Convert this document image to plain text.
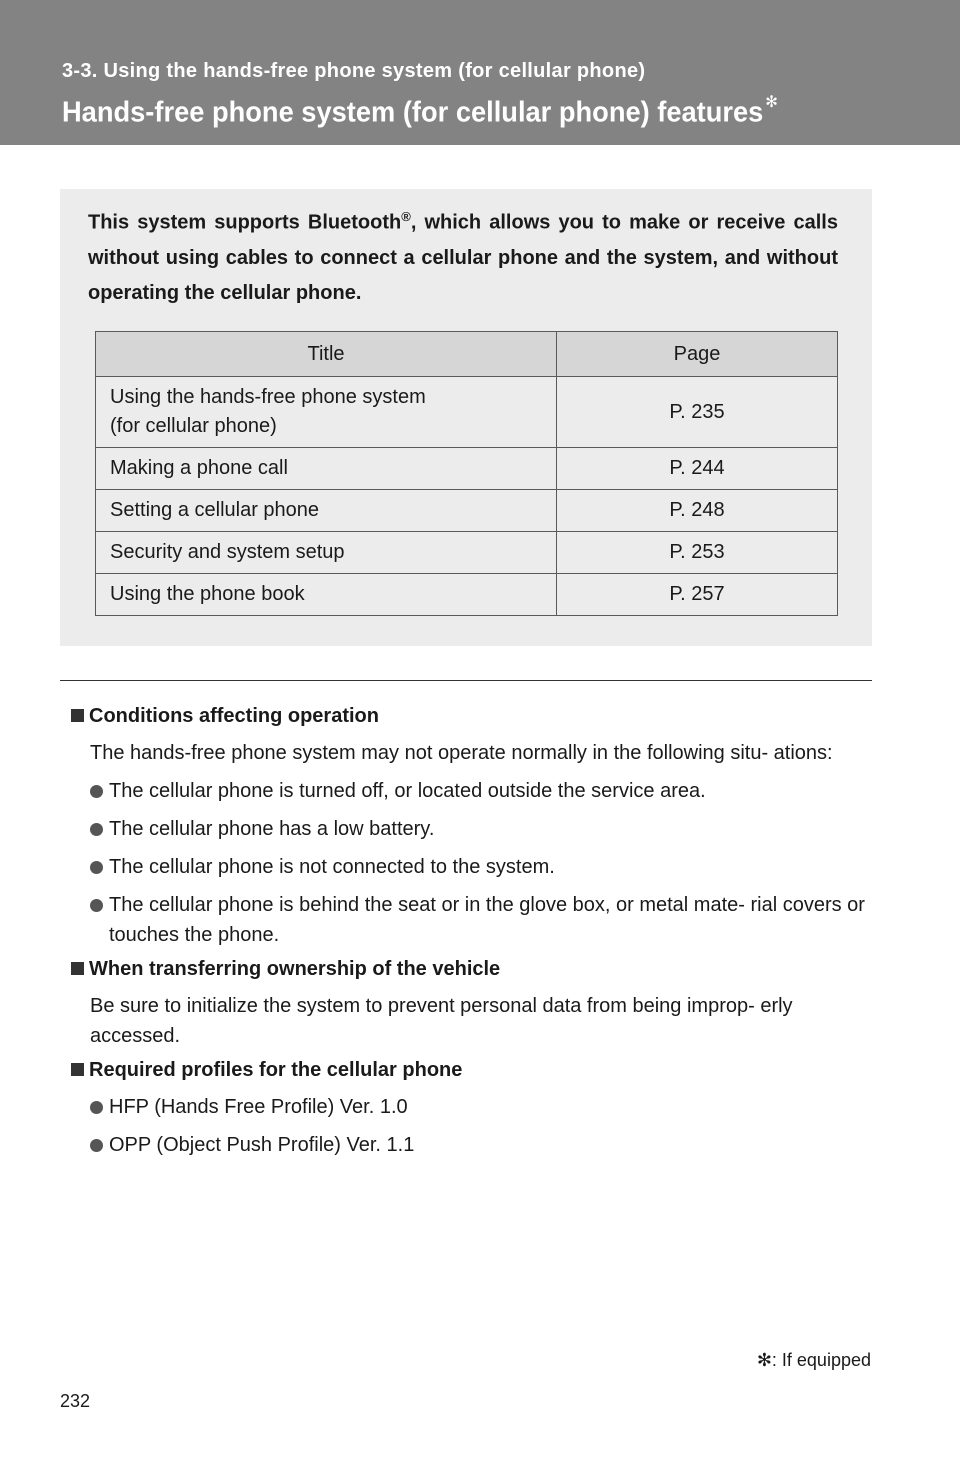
3-3. Using the hands-free phone system (for cellular phone)
Hands-free phone system (for cellular phone) features ✻
This system supports Bluetooth®, which allows you to make or receive calls without using cables to connect a cellular phone and the system, and without operating the cellular phone.
Title	Page
Using the hands-free phone system
(for cellular phone)	P. 235
Making a phone call	P. 244
Setting a cellular phone	P. 248
Security and system setup	P. 253
Using the phone book	P. 257
Conditions affecting operation
The hands-free phone system may not operate normally in the following situ- ations:
The cellular phone is turned off, or located outside the service area.
The cellular phone has a low battery.
The cellular phone is not connected to the system.
The cellular phone is behind the seat or in the glove box, or metal mate- rial covers or touches the phone.
When transferring ownership of the vehicle
Be sure to initialize the system to prevent personal data from being improp- erly accessed.
Required profiles for the cellular phone
HFP (Hands Free Profile) Ver. 1.0
OPP (Object Push Profile) Ver. 1.1
✻: If equipped
232
